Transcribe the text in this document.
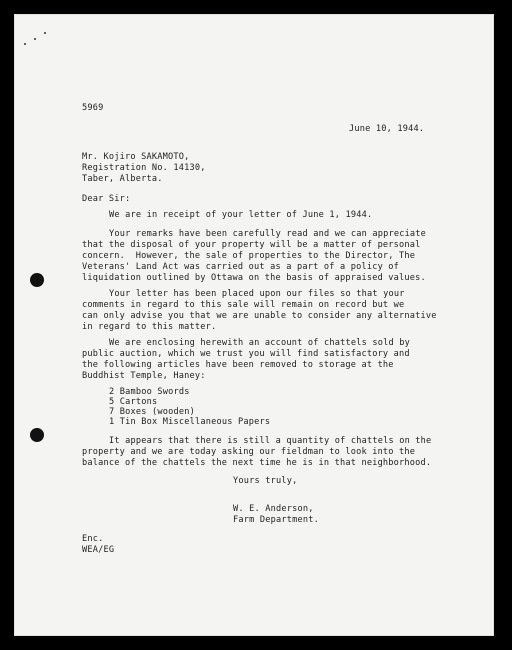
5969
June 10, 1944.
Mr. Kojiro SAKAMOTO,
Registration No. 14130,
Taber, Alberta.
Dear Sir:
We are in receipt of your letter of June 1, 1944.
Your remarks have been carefully read and we can appreciate
that the disposal of your property will be a matter of personal
concern.  However, the sale of properties to the Director, The
Veterans' Land Act was carried out as a part of a policy of
liquidation outlined by Ottawa on the basis of appraised values.
Your letter has been placed upon our files so that your
comments in regard to this sale will remain on record but we
can only advise you that we are unable to consider any alternative
in regard to this matter.
We are enclosing herewith an account of chattels sold by
public auction, which we trust you will find satisfactory and
the following articles have been removed to storage at the
Buddhist Temple, Haney:
2 Bamboo Swords
5 Cartons
7 Boxes (wooden)
1 Tin Box Miscellaneous Papers
It appears that there is still a quantity of chattels on the
property and we are today asking our fieldman to look into the
balance of the chattels the next time he is in that neighborhood.
Yours truly,
W. E. Anderson,
Farm Department.
Enc.
WEA/EG
